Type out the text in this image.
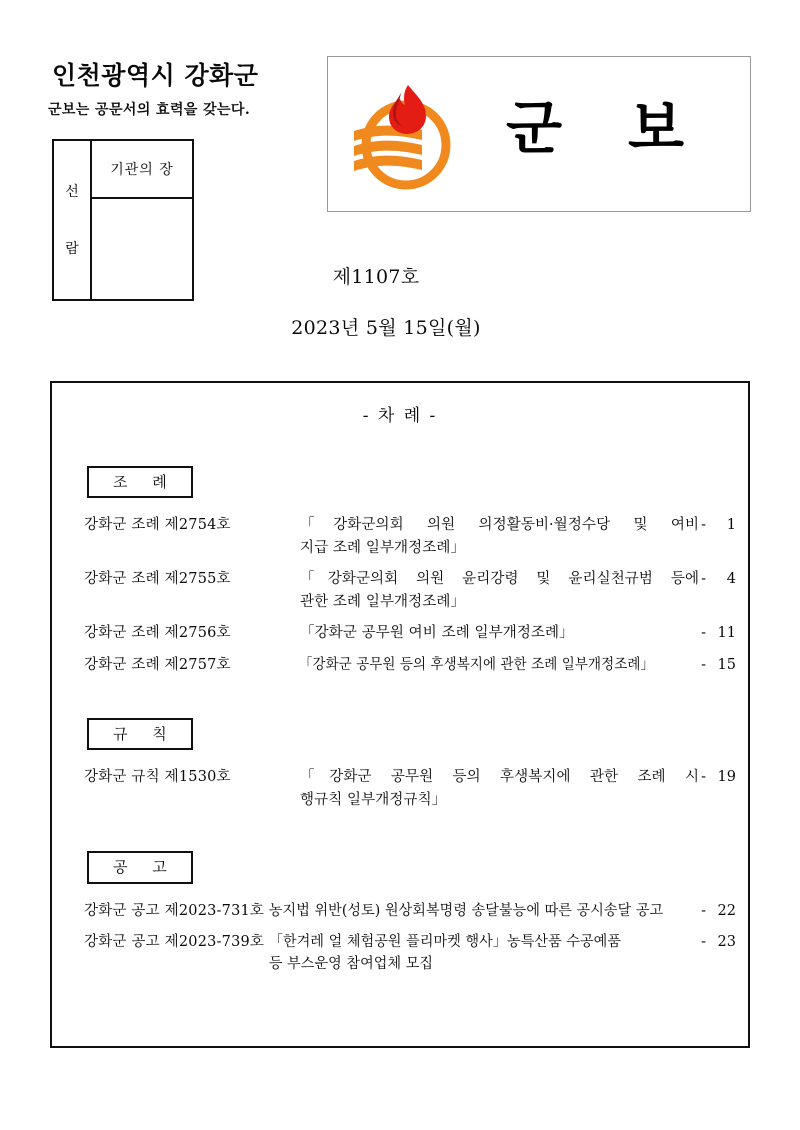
인천광역시 강화군
군보는 공문서의 효력을 갖는다.
선
람
기관의 장
군 보
제1107호
2023년 5월 15일(월)
- 차 례 -
조 례
강화군 조례 제2754호	「강화군의회 의원 의정활동비·월정수당 및 여비
지급 조례 일부개정조례」
-	1
강화군 조례 제2755호	「강화군의회 의원 윤리강령 및 윤리실천규범 등에
관한 조례 일부개정조례」
-	4
강화군 조례 제2756호	「강화군 공무원 여비 조례 일부개정조례」	- 11
강화군 조례 제2757호	「강화군 공무원 등의 후생복지에 관한 조례 일부개정조례」	- 15
규 칙
강화군 규칙 제1530호	「강화군 공무원 등의 후생복지에 관한 조례 시
행규칙 일부개정규칙」
- 19
공 고
강화군 공고 제2023-731호 농지법 위반(성토) 원상회복명령 송달불능에 따른 공시송달 공고	- 22
강화군 공고 제2023-739호 「한겨레 얼 체험공원 플리마켓 행사」농특산품 수공예품
등 부스운영 참여업체 모집
- 23
